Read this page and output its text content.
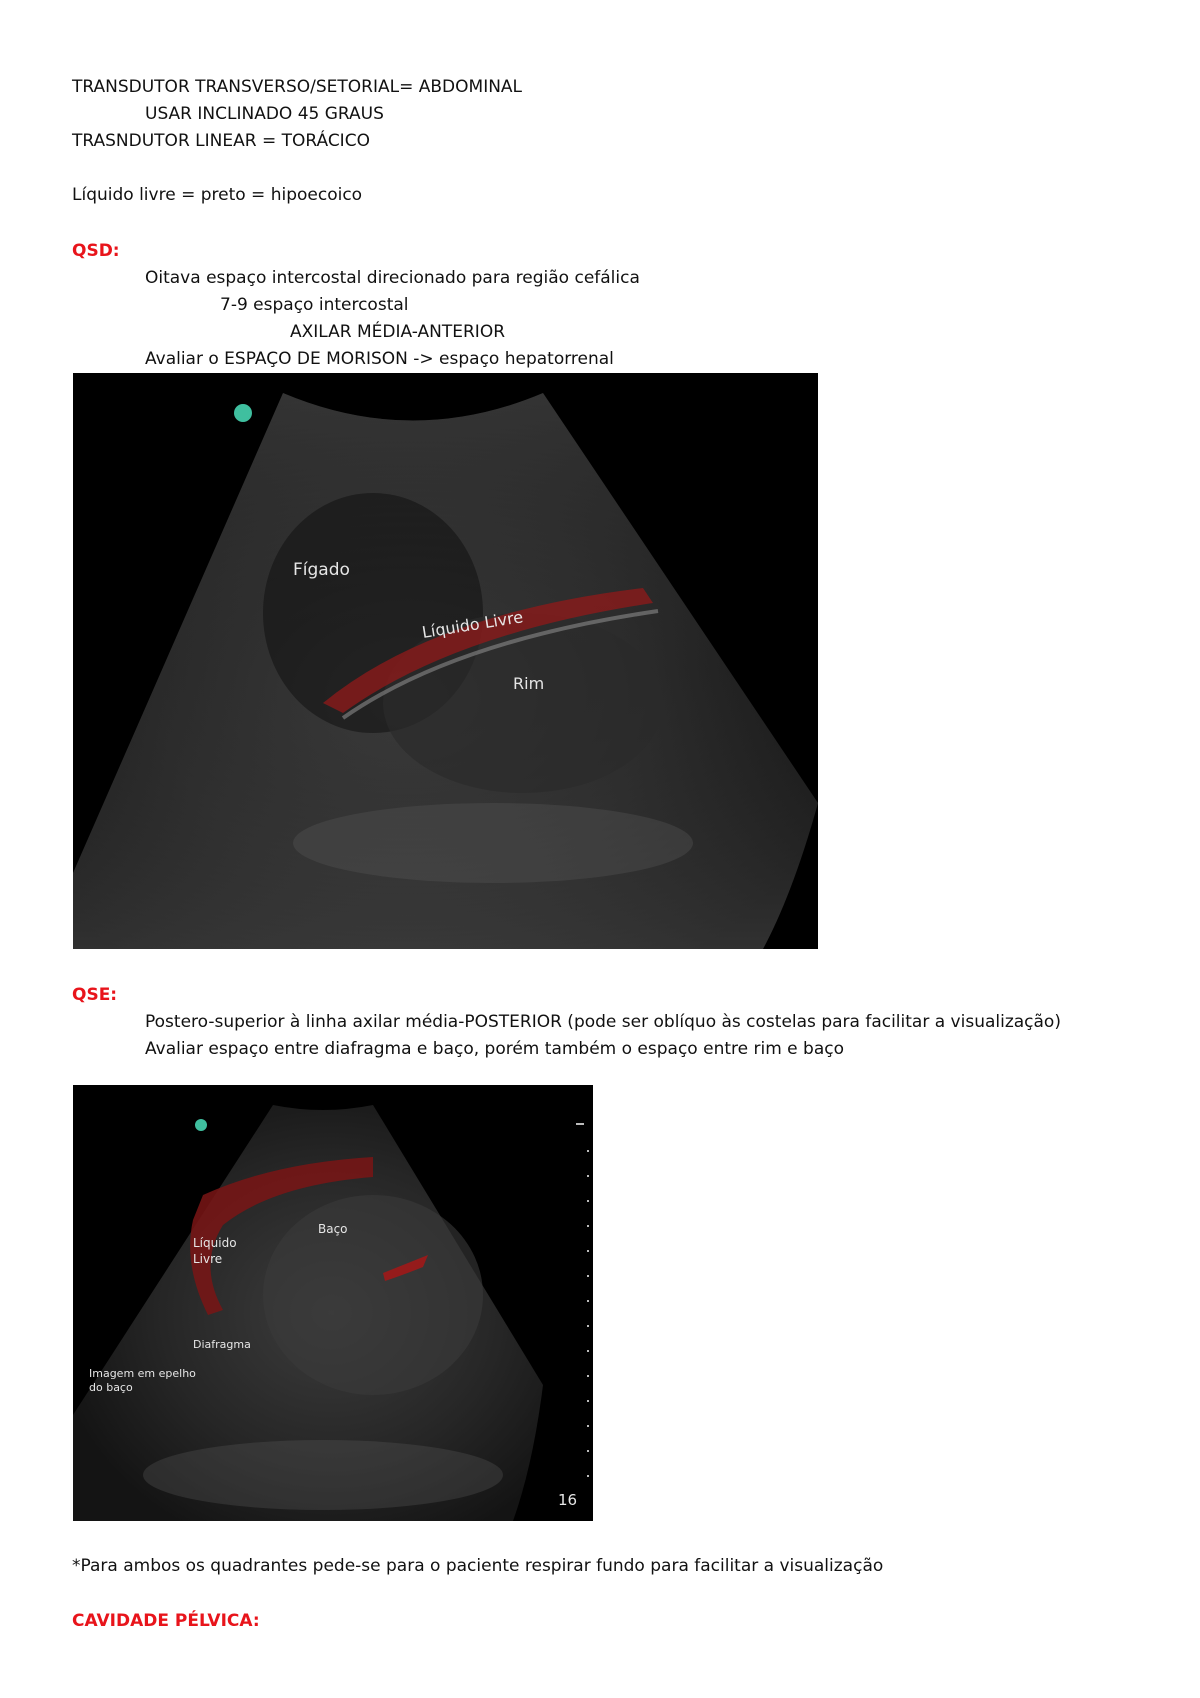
TRANSDUTOR TRANSVERSO/SETORIAL= ABDOMINAL
USAR INCLINADO 45 GRAUS
TRASNDUTOR LINEAR = TORÁCICO
Líquido livre = preto = hipoecoico
QSD:
Oitava espaço intercostal direcionado para região cefálica
7-9 espaço intercostal
AXILAR MÉDIA-ANTERIOR
Avaliar o ESPAÇO DE MORISON -> espaço hepatorrenal
Fígado
Líquido Livre
Rim
QSE:
Postero-superior à linha axilar média-POSTERIOR (pode ser oblíquo às costelas para facilitar a visualização)
Avaliar espaço entre diafragma e baço, porém também o espaço entre rim e baço
Líquido
Livre
Baço
Diafragma
Imagem em epelho
do baço
16
*Para ambos os quadrantes pede-se para o paciente respirar fundo para facilitar a visualização
CAVIDADE PÉLVICA:
